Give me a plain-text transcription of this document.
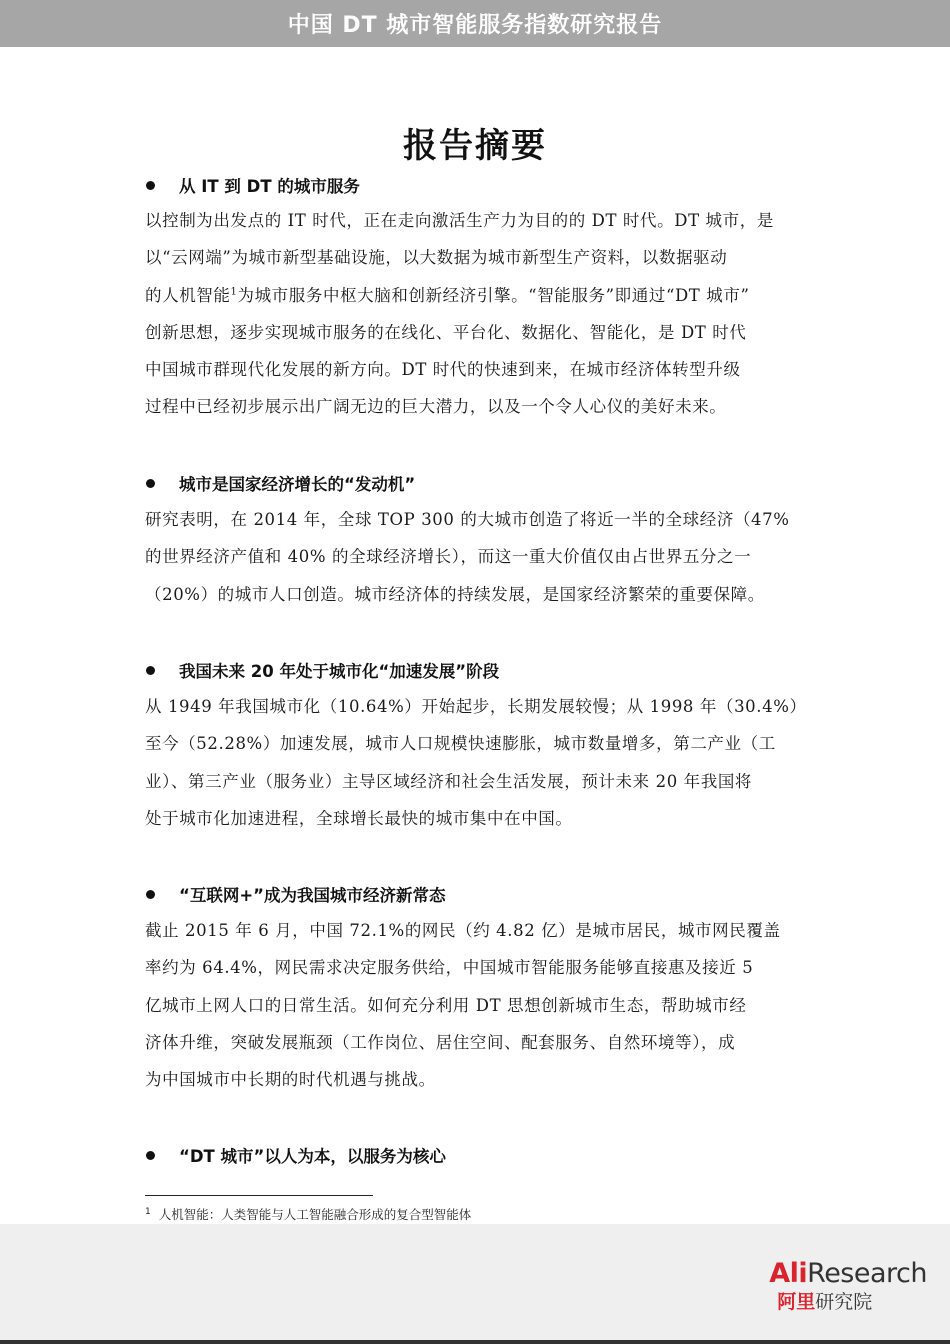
中国 DT 城市智能服务指数研究报告
报告摘要
从 IT 到 DT 的城市服务
以控制为出发点的 IT 时代，正在走向激活生产力为目的的 DT 时代。DT 城市，是
以“云网端”为城市新型基础设施，以大数据为城市新型生产资料，以数据驱动
的人机智能$^1$为城市服务中枢大脑和创新经济引擎。“智能服务”即通过“DT 城市”
创新思想，逐步实现城市服务的在线化、平台化、数据化、智能化，是 DT 时代
中国城市群现代化发展的新方向。DT 时代的快速到来，在城市经济体转型升级
过程中已经初步展示出广阔无边的巨大潜力，以及一个令人心仪的美好未来。
城市是国家经济增长的“发动机”
研究表明，在 2014 年，全球 TOP 300 的大城市创造了将近一半的全球经济（47%
的世界经济产值和 40% 的全球经济增长），而这一重大价值仅由占世界五分之一
（20%）的城市人口创造。城市经济体的持续发展，是国家经济繁荣的重要保障。
我国未来 20 年处于城市化“加速发展”阶段
从 1949 年我国城市化（10.64%）开始起步，长期发展较慢；从 1998 年（30.4%）
至今（52.28%）加速发展，城市人口规模快速膨胀，城市数量增多，第二产业（工
业）、第三产业（服务业）主导区域经济和社会生活发展，预计未来 20 年我国将
处于城市化加速进程，全球增长最快的城市集中在中国。
“互联网+”成为我国城市经济新常态
截止 2015 年 6 月，中国 72.1%的网民（约 4.82 亿）是城市居民，城市网民覆盖
率约为 64.4%，网民需求决定服务供给，中国城市智能服务能够直接惠及接近 5
亿城市上网人口的日常生活。如何充分利用 DT 思想创新城市生态，帮助城市经
济体升维，突破发展瓶颈（工作岗位、居住空间、配套服务、自然环境等），成
为中国城市中长期的时代机遇与挑战。
“DT 城市”以人为本，以服务为核心
$^1$ 人机智能：人类智能与人工智能融合形成的复合型智能体
AliResearch
阿里研究院
